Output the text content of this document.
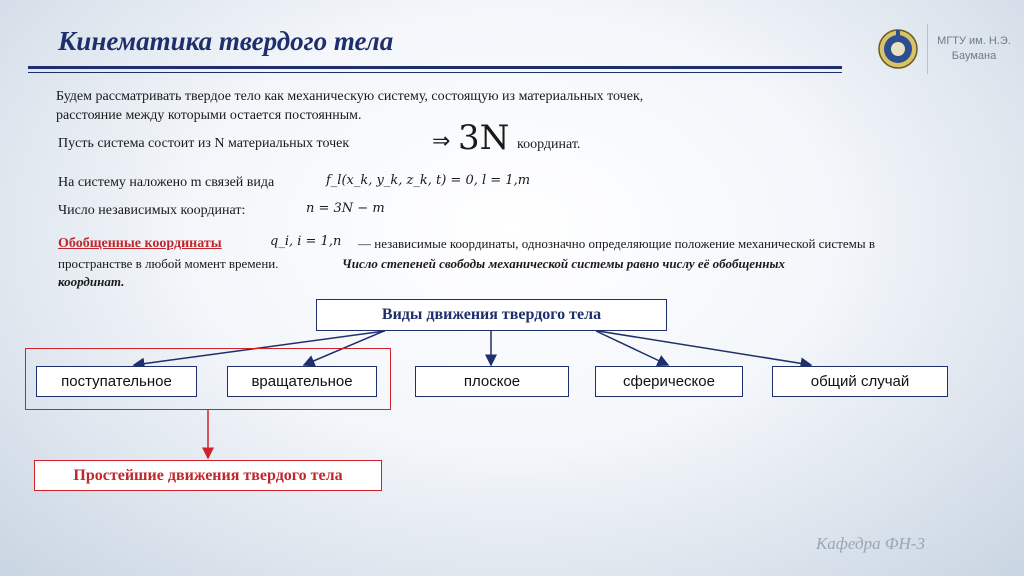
Кинематика твердого тела	МГТУ им. Н.Э.
Баумана
Будем рассматривать твердое тело как механическую систему, состоящую из материальных точек,
расстояние между которыми остается постоянным.
Пусть система состоит из N материальных точек	⇒ 3N координат.
На систему наложено m связей вида	f_l(x_k, y_k, z_k, t) = 0, l = 1,m
Число независимых координат:	n = 3N − m
Обобщенные координаты	q_i, i = 1,n — независимые координаты, однозначно определяющие положение механической системы в
пространстве в любой момент времени.	Число степеней свободы механической системы равно числу её обобщенных
координат.
Виды движения твердого тела
поступательное	вращательное	плоское	сферическое	общий случай
Простейшие движения твердого тела
Кафедра ФН-3
